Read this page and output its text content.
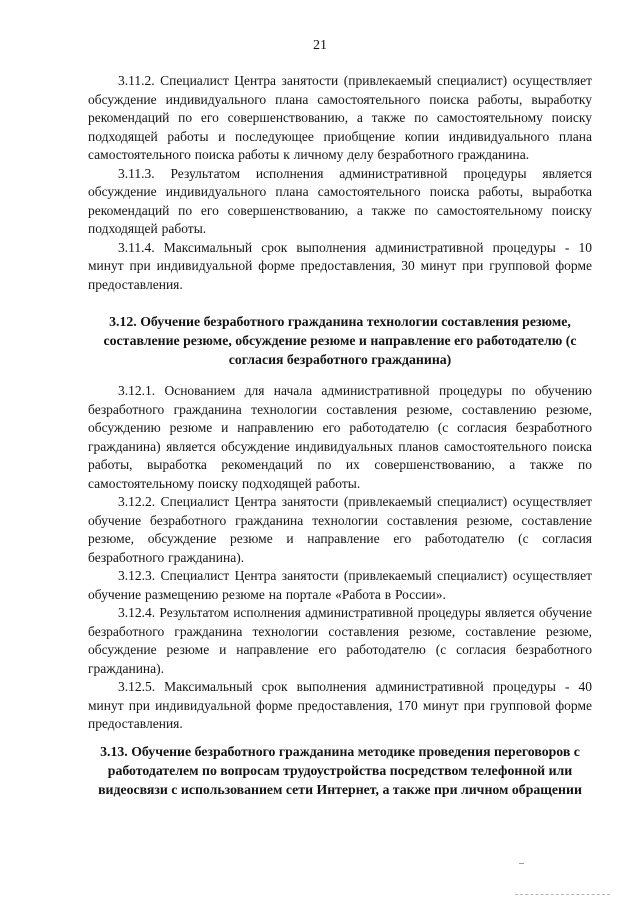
21

3.11.2. Специалист Центра занятости (привлекаемый специалист) осуществляет обсуждение индивидуального плана самостоятельного поиска работы, выработку рекомендаций по его совершенствованию, а также по самостоятельному поиску подходящей работы и последующее приобщение копии индивидуального плана самостоятельного поиска работы к личному делу безработного гражданина.

3.11.3. Результатом исполнения административной процедуры является обсуждение индивидуального плана самостоятельного поиска работы, выработка рекомендаций по его совершенствованию, а также по самостоятельному поиску подходящей работы.

3.11.4. Максимальный срок выполнения административной процедуры - 10 минут при индивидуальной форме предоставления, 30 минут при групповой форме предоставления.

3.12. Обучение безработного гражданина технологии составления резюме, составление резюме, обсуждение резюме и направление его работодателю (с согласия безработного гражданина)

3.12.1. Основанием для начала административной процедуры по обучению безработного гражданина технологии составления резюме, составлению резюме, обсуждению резюме и направлению его работодателю (с согласия безработного гражданина) является обсуждение индивидуальных планов самостоятельного поиска работы, выработка рекомендаций по их совершенствованию, а также по самостоятельному поиску подходящей работы.

3.12.2. Специалист Центра занятости (привлекаемый специалист) осуществляет обучение безработного гражданина технологии составления резюме, составление резюме, обсуждение резюме и направление его работодателю (с согласия безработного гражданина).

3.12.3. Специалист Центра занятости (привлекаемый специалист) осуществляет обучение размещению резюме на портале «Работа в России».

3.12.4. Результатом исполнения административной процедуры является обучение безработного гражданина технологии составления резюме, составление резюме, обсуждение резюме и направление его работодателю (с согласия безработного гражданина).

3.12.5. Максимальный срок выполнения административной процедуры - 40 минут при индивидуальной форме предоставления, 170 минут при групповой форме предоставления.

3.13. Обучение безработного гражданина методике проведения переговоров с работодателем по вопросам трудоустройства посредством телефонной или видеосвязи с использованием сети Интернет, а также при личном обращении
